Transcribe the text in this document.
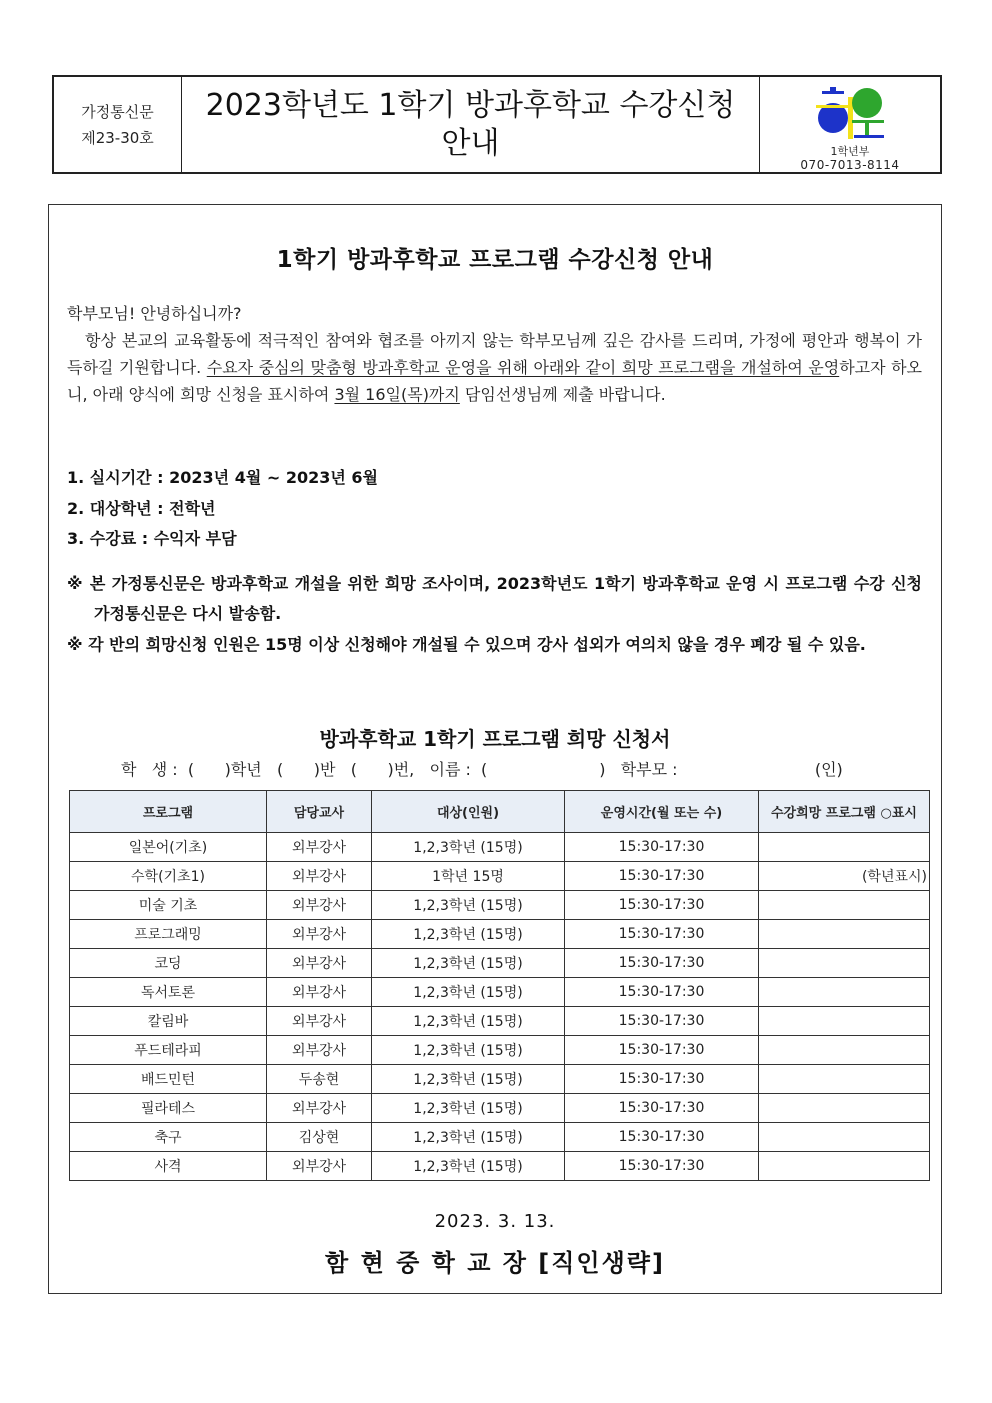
가정통신문
제23-30호
2023학년도 1학기 방과후학교 수강신청
안내	1학년부
070-7013-8114
1학기 방과후학교 프로그램 수강신청 안내
학부모님! 안녕하십니까?
항상 본교의 교육활동에 적극적인 참여와 협조를 아끼지 않는 학부모님께 깊은 감사를 드리며, 가정에 평안과 행복이 가득하길 기원합니다. 수요자 중심의 맞춤형 방과후학교 운영을 위해 아래와 같이 희망 프로그램을 개설하여 운영하고자 하오니, 아래 양식에 희망 신청을 표시하여 3월 16일(목)까지 담임선생님께 제출 바랍니다.
1. 실시기간 : 2023년 4월 ~ 2023년 6월
2. 대상학년 : 전학년
3. 수강료 : 수익자 부담
※ 본 가정통신문은 방과후학교 개설을 위한 희망 조사이며, 2023학년도 1학기 방과후학교 운영 시 프로그램 수강 신청 가정통신문은 다시 발송함.
※ 각 반의 희망신청 인원은 15명 이상 신청해야 개설될 수 있으며 강사 섭외가 여의치 않을 경우 폐강 될 수 있음.
방과후학교 1학기 프로그램 희망 신청서
학   생 :  (      )학년   (      )반   (      )번,   이름 :  (                      )   학부모 :                           (인)
프로그램	담당교사	대상(인원)	운영시간(월 또는 수)	수강희망 프로그램 ○표시
일본어(기초)	외부강사	1,2,3학년 (15명)	15:30-17:30	
수학(기초1)	외부강사	1학년 15명	15:30-17:30	(학년표시)
미술 기초	외부강사	1,2,3학년 (15명)	15:30-17:30	
프로그래밍	외부강사	1,2,3학년 (15명)	15:30-17:30	
코딩	외부강사	1,2,3학년 (15명)	15:30-17:30	
독서토론	외부강사	1,2,3학년 (15명)	15:30-17:30	
칼림바	외부강사	1,2,3학년 (15명)	15:30-17:30	
푸드테라피	외부강사	1,2,3학년 (15명)	15:30-17:30	
배드민턴	두송현	1,2,3학년 (15명)	15:30-17:30	
필라테스	외부강사	1,2,3학년 (15명)	15:30-17:30	
축구	김상현	1,2,3학년 (15명)	15:30-17:30	
사격	외부강사	1,2,3학년 (15명)	15:30-17:30	
2023. 3. 13.
함 현 중 학 교 장 [직인생략]
